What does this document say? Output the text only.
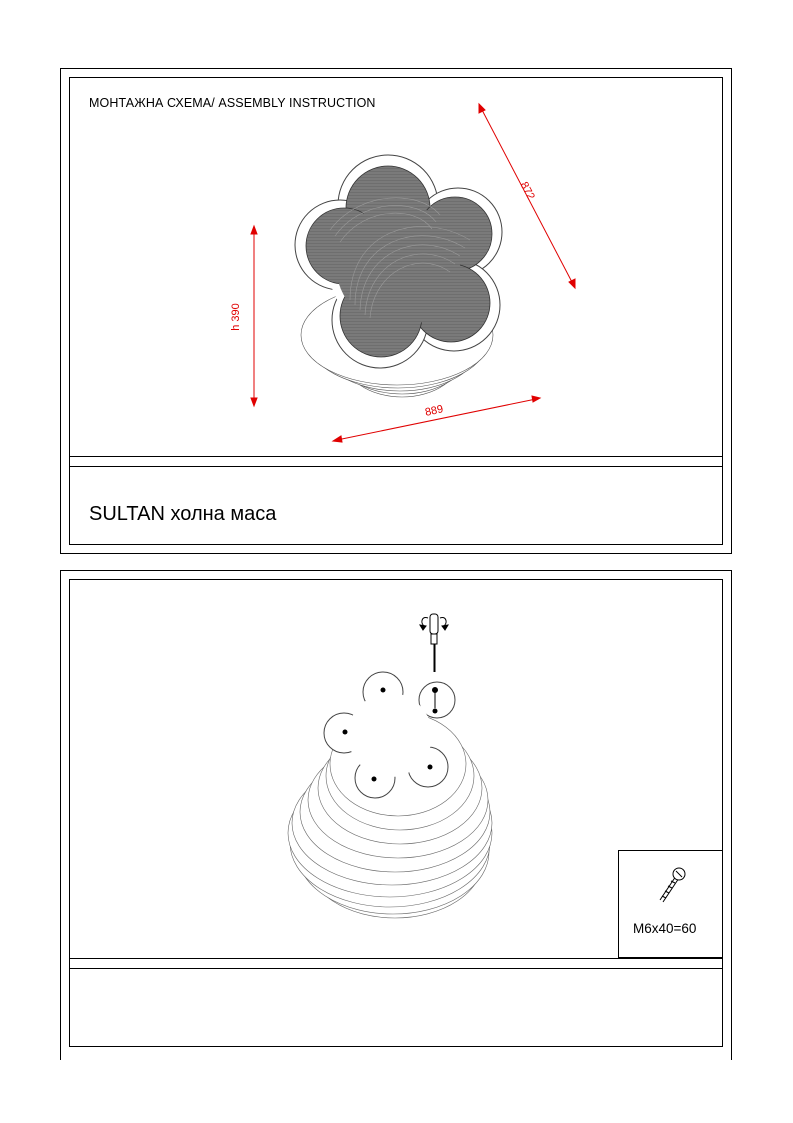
МОНТАЖНА СХЕМА/ ASSEMBLY INSTRUCTION
SULTAN холна маса
h 390
872
889
M6x40=60
